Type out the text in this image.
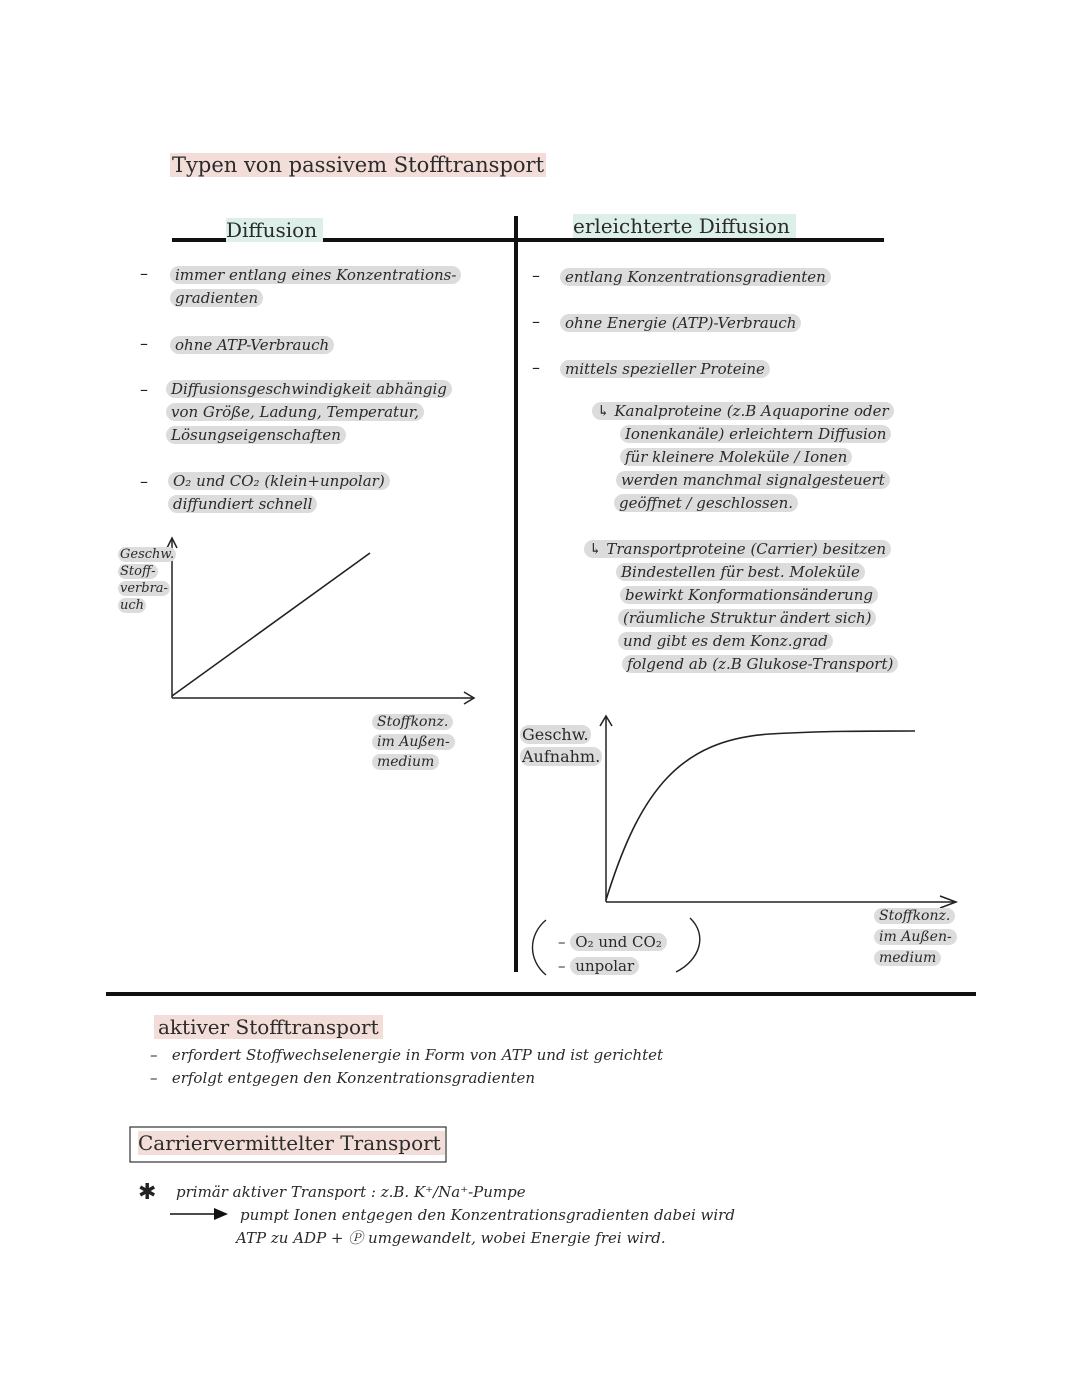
Typen von passivem Stofftransport
Diffusion	erleichterte Diffusion
–	immer entlang eines Konzentrations-
gradienten
–	ohne ATP-Verbrauch
–	Diffusionsgeschwindigkeit abhängig
von Größe, Ladung, Temperatur,
Lösungseigenschaften
–	O₂ und CO₂ (klein+unpolar)
diffundiert schnell
Geschw.
Stoff-
verbra-
uch
Stoffkonz.
im Außen-
medium
–	entlang Konzentrationsgradienten
–	ohne Energie (ATP)-Verbrauch
–	mittels spezieller Proteine
↳ Kanalproteine (z.B Aquaporine oder
Ionenkanäle) erleichtern Diffusion
für kleinere Moleküle / Ionen
werden manchmal signalgesteuert
geöffnet / geschlossen.
↳ Transportproteine (Carrier) besitzen
Bindestellen für best. Moleküle
bewirkt Konformationsänderung
(räumliche Struktur ändert sich)
und gibt es dem Konz.grad
folgend ab (z.B Glukose-Transport)
Geschw.
Aufnahm.
Stoffkonz.
im Außen-
medium
– O₂ und CO₂
– unpolar
aktiver Stofftransport
–   erfordert Stoffwechselenergie in Form von ATP und ist gerichtet
–   erfolgt entgegen den Konzentrationsgradienten
Carriervermittelter Transport
✱ primär aktiver Transport : z.B. K⁺/Na⁺-Pumpe
pumpt Ionen entgegen den Konzentrationsgradienten dabei wird
ATP zu ADP + Ⓟ umgewandelt, wobei Energie frei wird.
